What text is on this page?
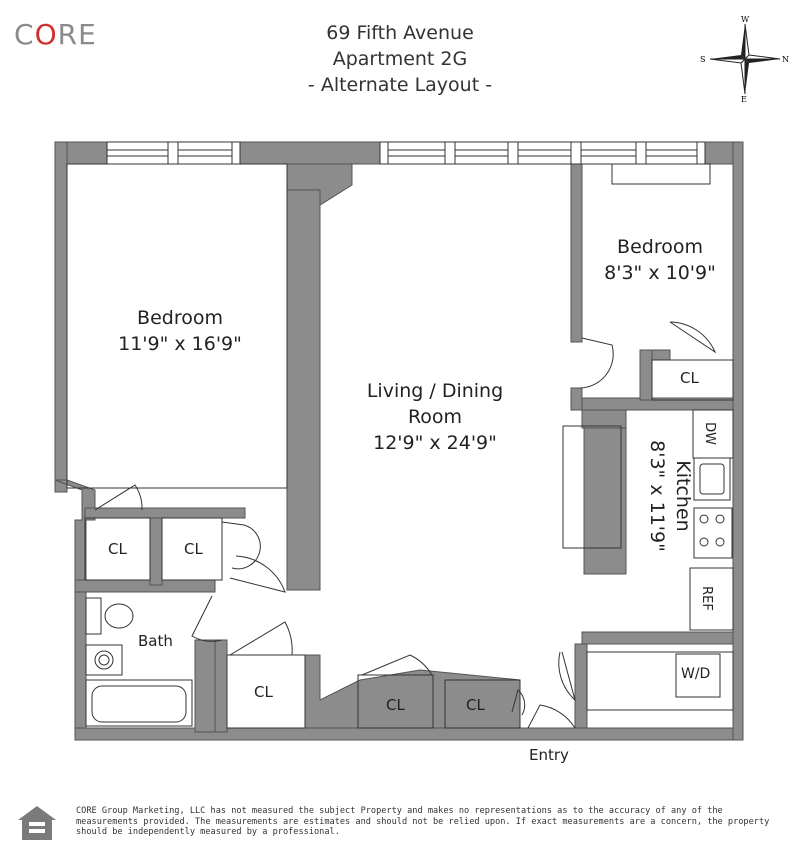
CORE	69 Fifth Avenue
Apartment 2G
- Alternate Layout -
W
E
S	N
Bedroom
11'9" x 16'9"
Living / Dining
Room
12'9" x 24'9"
Bedroom
8'3" x 10'9"
Kitchen
8'3" x 11'9"
Bath
CL	CL
CL
CL	CL
CL
DW
REF
W/D
Entry
CORE Group Marketing, LLC has not measured the subject Property and makes no representations as to the accuracy of any of the measurements provided. The measurements are estimates and should not be relied upon. If exact measurements are a concern, the property should be independently measured by a professional.
